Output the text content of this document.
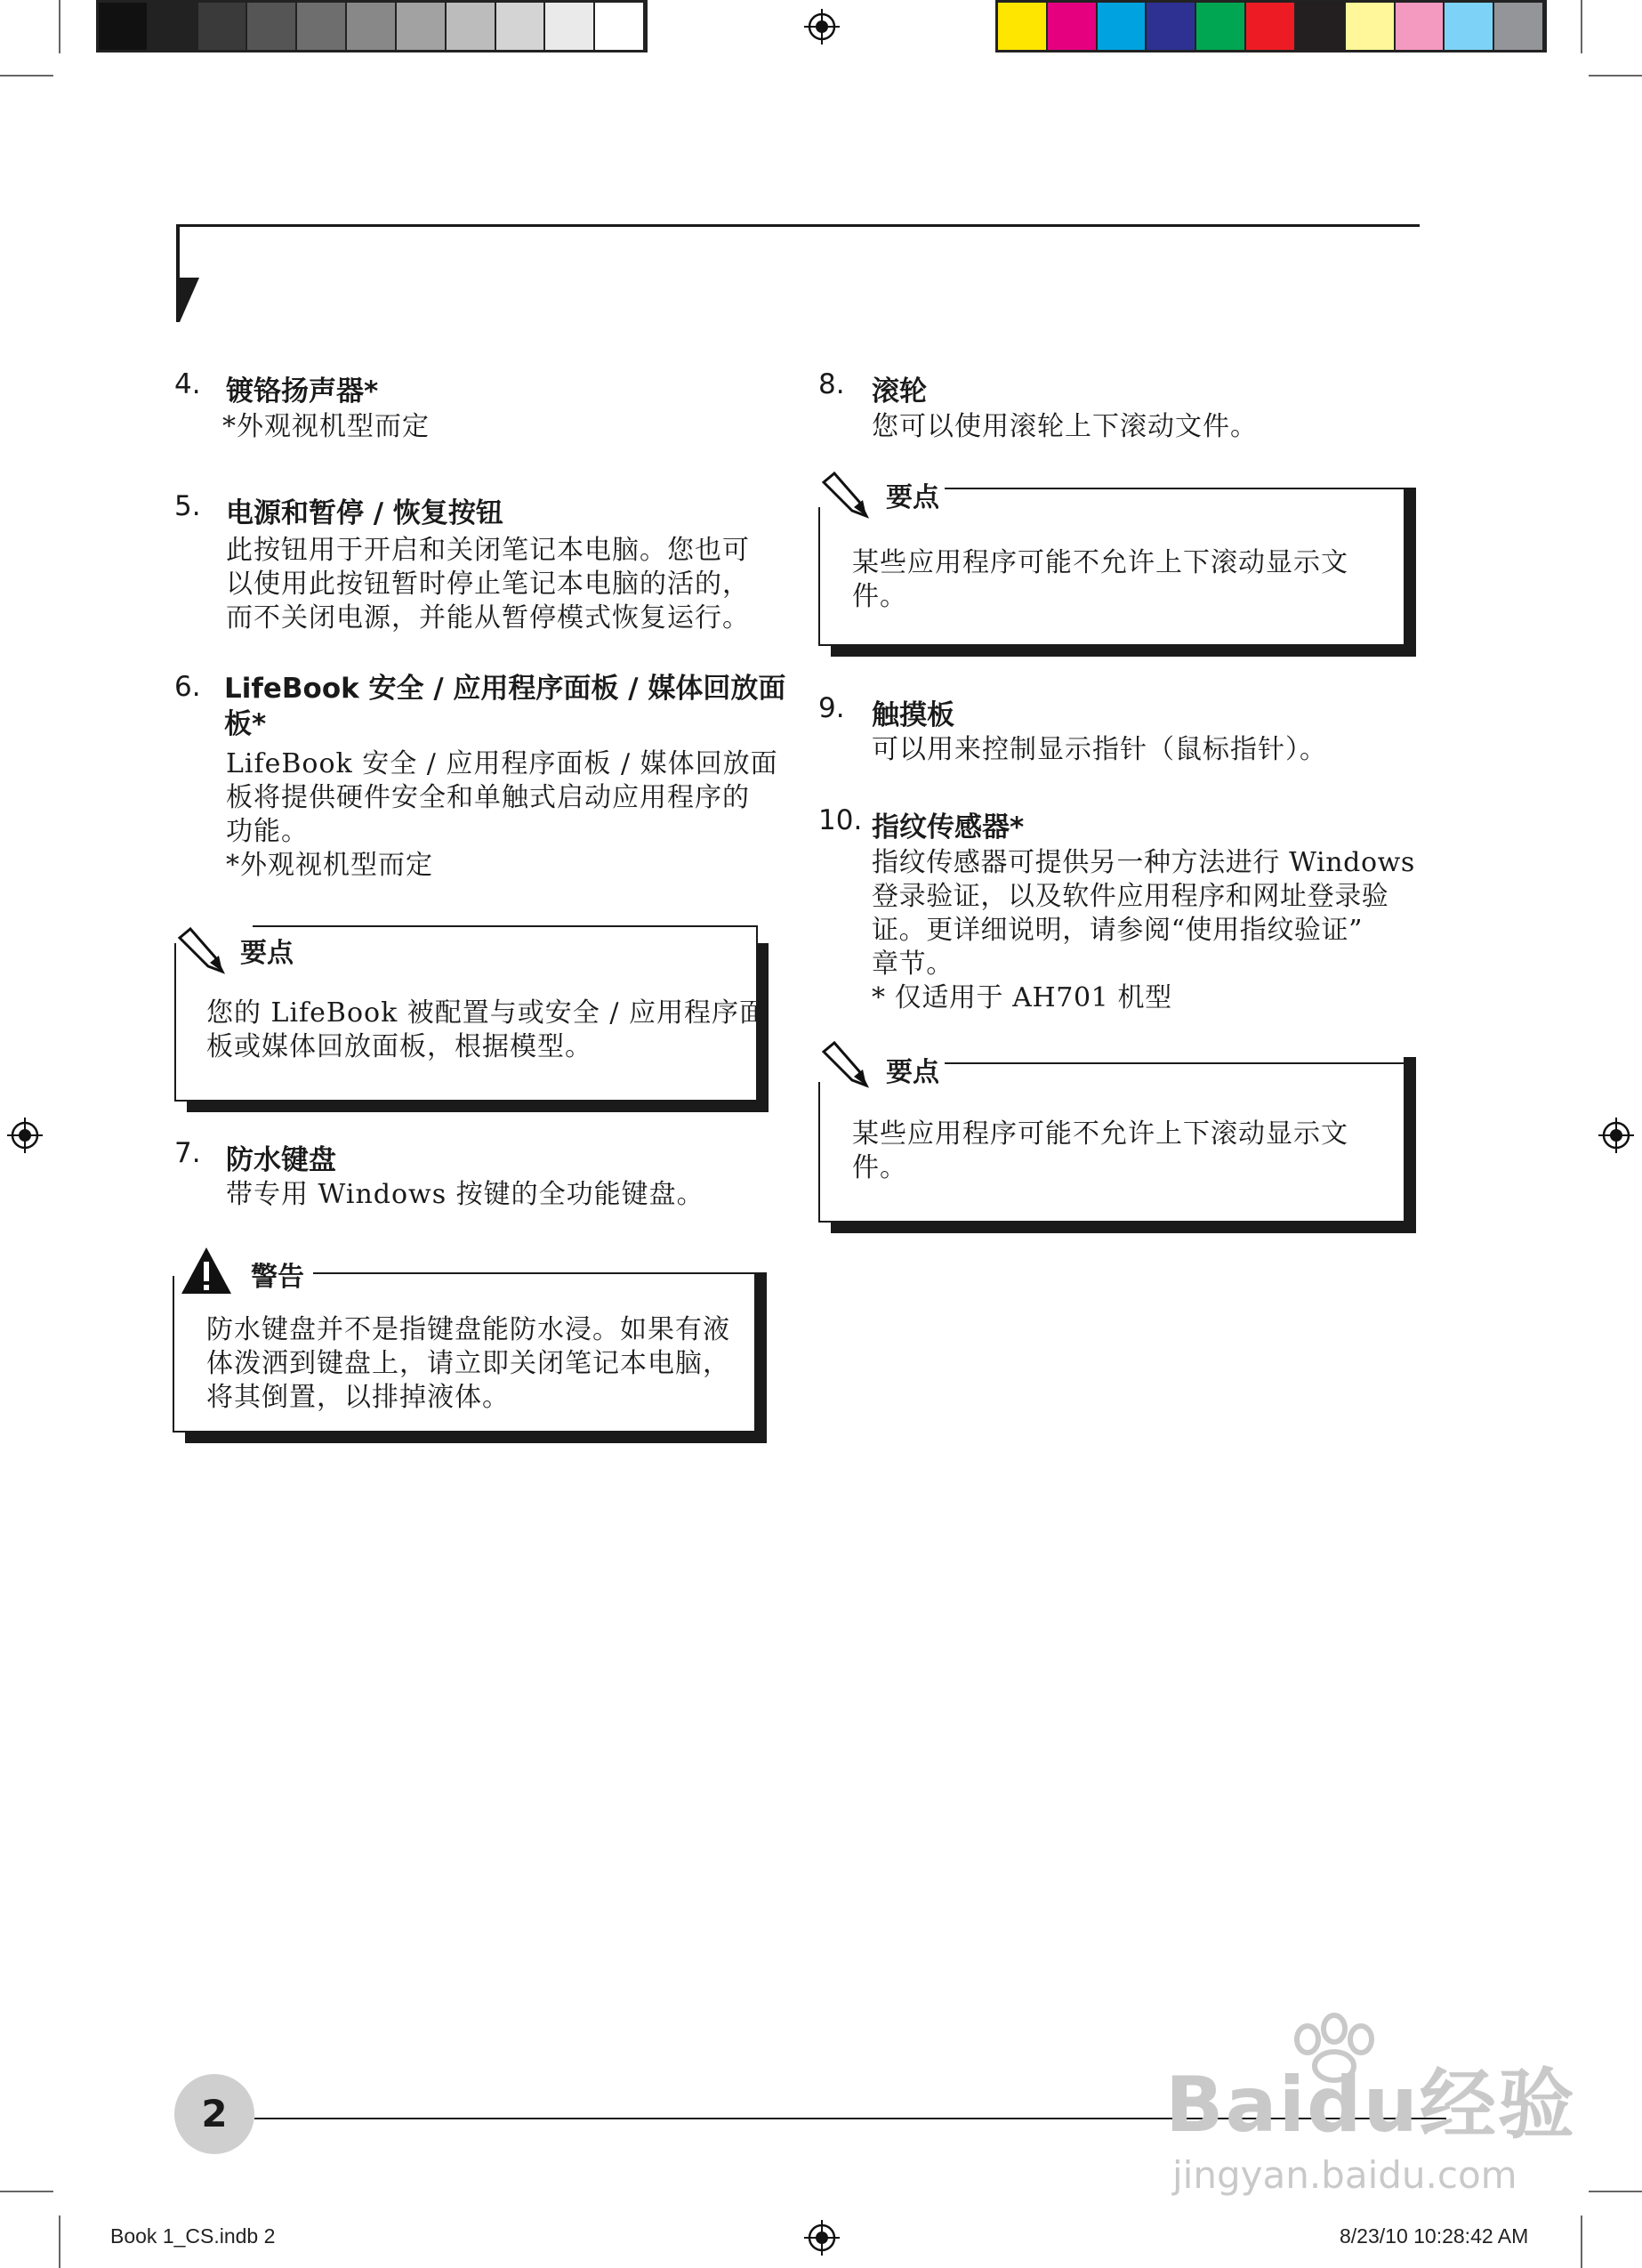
4. 镀铬扬声器*
*外观视机型而定
5. 电源和暂停 / 恢复按钮
此按钮用于开启和关闭笔记本电脑。您也可
以使用此按钮暂时停止笔记本电脑的活的，
而不关闭电源，并能从暂停模式恢复运行。
6. LifeBook 安全 / 应用程序面板 / 媒体回放面
板*
LifeBook 安全 / 应用程序面板 / 媒体回放面
板将提供硬件安全和单触式启动应用程序的
功能。
*外观视机型而定
要点
您的 LifeBook 被配置与或安全 / 应用程序面
板或媒体回放面板，根据模型。
7. 防水键盘
带专用 Windows 按键的全功能键盘。
警告
防水键盘并不是指键盘能防水浸。如果有液
体泼洒到键盘上，请立即关闭笔记本电脑，
将其倒置，以排掉液体。
8. 滚轮
您可以使用滚轮上下滚动文件。
要点
某些应用程序可能不允许上下滚动显示文
件。
9. 触摸板
可以用来控制显示指针（鼠标指针）。
10. 指纹传感器*
指纹传感器可提供另一种方法进行 Windows
登录验证，以及软件应用程序和网址登录验
证。更详细说明，请参阅“使用指纹验证”
章节。
* 仅适用于 AH701 机型
要点
某些应用程序可能不允许上下滚动显示文
件。
2	Baidu经验
jingyan.baidu.com
Book 1_CS.indb 2	8/23/10 10:28:42 AM
